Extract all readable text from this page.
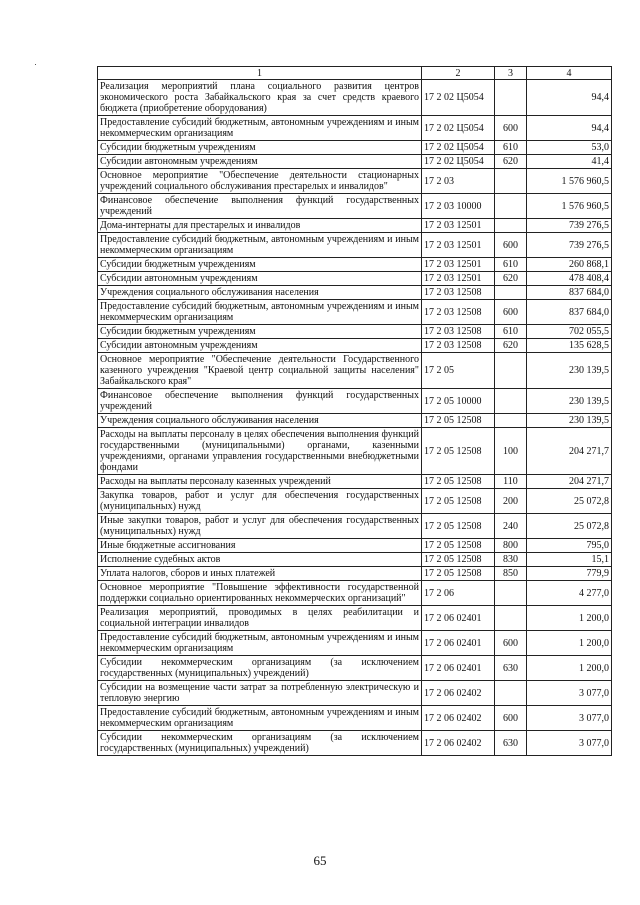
1	2	3	4
Реализация мероприятий плана социального развития центров экономического роста Забайкальского края за счет средств краевого бюджета (приобретение оборудования)	17 2 02 Ц5054		94,4
Предоставление субсидий бюджетным, автономным учреждениям и иным некоммерческим организациям	17 2 02 Ц5054	600	94,4
Субсидии бюджетным учреждениям	17 2 02 Ц5054	610	53,0
Субсидии автономным учреждениям	17 2 02 Ц5054	620	41,4
Основное мероприятие "Обеспечение деятельности стационарных учреждений социального обслуживания престарелых и инвалидов"	17 2 03		1 576 960,5
Финансовое обеспечение выполнения функций государственных учреждений	17 2 03 10000		1 576 960,5
Дома-интернаты для престарелых и инвалидов	17 2 03 12501		739 276,5
Предоставление субсидий бюджетным, автономным учреждениям и иным некоммерческим организациям	17 2 03 12501	600	739 276,5
Субсидии бюджетным учреждениям	17 2 03 12501	610	260 868,1
Субсидии автономным учреждениям	17 2 03 12501	620	478 408,4
Учреждения социального обслуживания населения	17 2 03 12508		837 684,0
Предоставление субсидий бюджетным, автономным учреждениям и иным некоммерческим организациям	17 2 03 12508	600	837 684,0
Субсидии бюджетным учреждениям	17 2 03 12508	610	702 055,5
Субсидии автономным учреждениям	17 2 03 12508	620	135 628,5
Основное мероприятие "Обеспечение деятельности Государственного казенного учреждения "Краевой центр социальной защиты населения" Забайкальского края"	17 2 05		230 139,5
Финансовое обеспечение выполнения функций государственных учреждений	17 2 05 10000		230 139,5
Учреждения социального обслуживания населения	17 2 05 12508		230 139,5
Расходы на выплаты персоналу в целях обеспечения выполнения функций государственными (муниципальными) органами, казенными учреждениями, органами управления государственными внебюджетными фондами	17 2 05 12508	100	204 271,7
Расходы на выплаты персоналу казенных учреждений	17 2 05 12508	110	204 271,7
Закупка товаров, работ и услуг для обеспечения государственных (муниципальных) нужд	17 2 05 12508	200	25 072,8
Иные закупки товаров, работ и услуг для обеспечения государственных (муниципальных) нужд	17 2 05 12508	240	25 072,8
Иные бюджетные ассигнования	17 2 05 12508	800	795,0
Исполнение судебных актов	17 2 05 12508	830	15,1
Уплата налогов, сборов и иных платежей	17 2 05 12508	850	779,9
Основное мероприятие "Повышение эффективности государственной поддержки социально ориентированных некоммерческих организаций"	17 2 06		4 277,0
Реализация мероприятий, проводимых в целях реабилитации и социальной интеграции инвалидов	17 2 06 02401		1 200,0
Предоставление субсидий бюджетным, автономным учреждениям и иным некоммерческим организациям	17 2 06 02401	600	1 200,0
Субсидии некоммерческим организациям (за исключением государственных (муниципальных) учреждений)	17 2 06 02401	630	1 200,0
Субсидии на возмещение части затрат за потребленную электрическую и тепловую энергию	17 2 06 02402		3 077,0
Предоставление субсидий бюджетным, автономным учреждениям и иным некоммерческим организациям	17 2 06 02402	600	3 077,0
Субсидии некоммерческим организациям (за исключением государственных (муниципальных) учреждений)	17 2 06 02402	630	3 077,0
65
